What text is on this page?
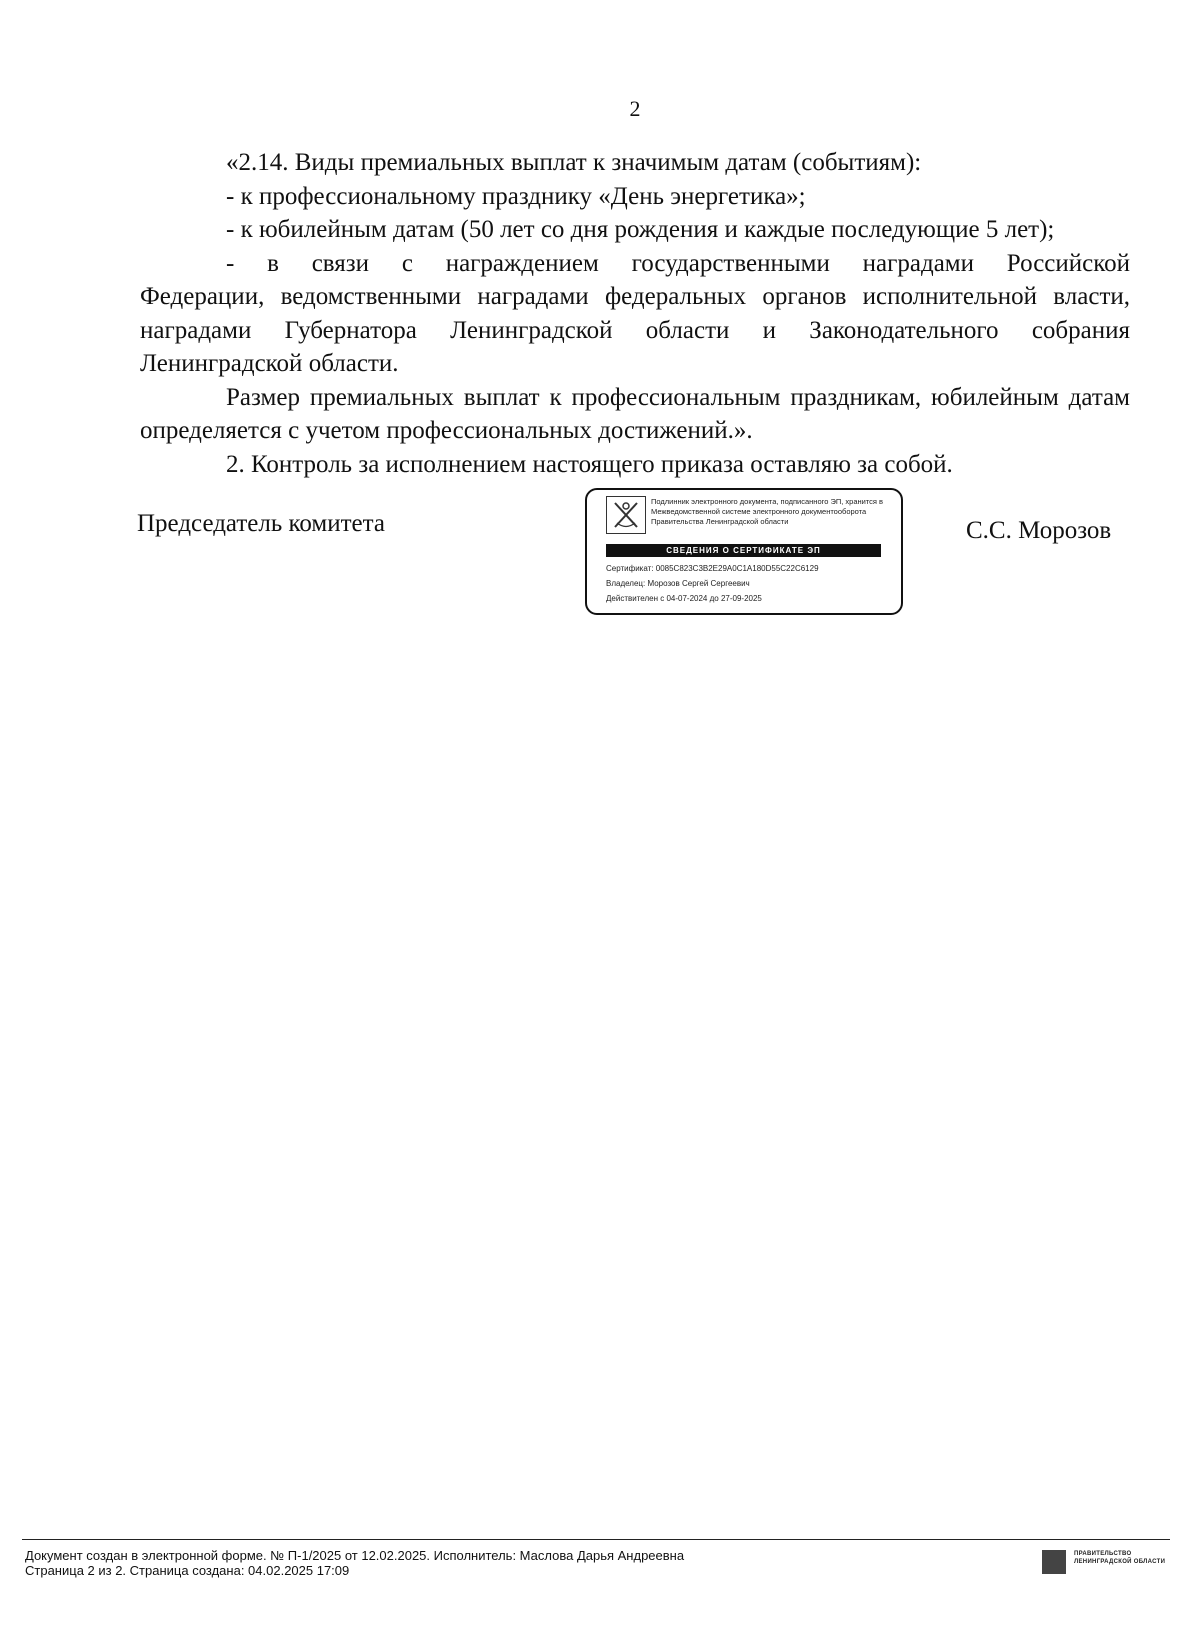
2

«2.14. Виды премиальных выплат к значимым датам (событиям):

- к профессиональному празднику «День энергетика»;

- к юбилейным датам (50 лет со дня рождения и каждые последующие 5 лет);

- в связи с награждением государственными наградами Российской

Федерации, ведомственными наградами федеральных органов исполнительной власти, наградами Губернатора Ленинградской области и Законодательного собрания Ленинградской области.

Размер премиальных выплат к профессиональным праздникам, юбилейным датам определяется с учетом профессиональных достижений.».

2. Контроль за исполнением настоящего приказа оставляю за собой.

Председатель комитета
Подлинник электронного документа, подписанного ЭП, хранится в Межведомственной системе электронного документооборота Правительства Ленинградской области
СВЕДЕНИЯ О СЕРТИФИКАТЕ ЭП
Сертификат: 0085C823C3B2E29A0C1A180D55C22C6129
Владелец: Морозов Сергей Сергеевич
Действителен с 04-07-2024 до 27-09-2025
С.С. Морозов
Документ создан в электронной форме. № П-1/2025 от 12.02.2025. Исполнитель: Маслова Дарья Андреевна
Страница 2 из 2. Страница создана: 04.02.2025 17:09
ПРАВИТЕЛЬСТВО ЛЕНИНГРАДСКОЙ ОБЛАСТИ
